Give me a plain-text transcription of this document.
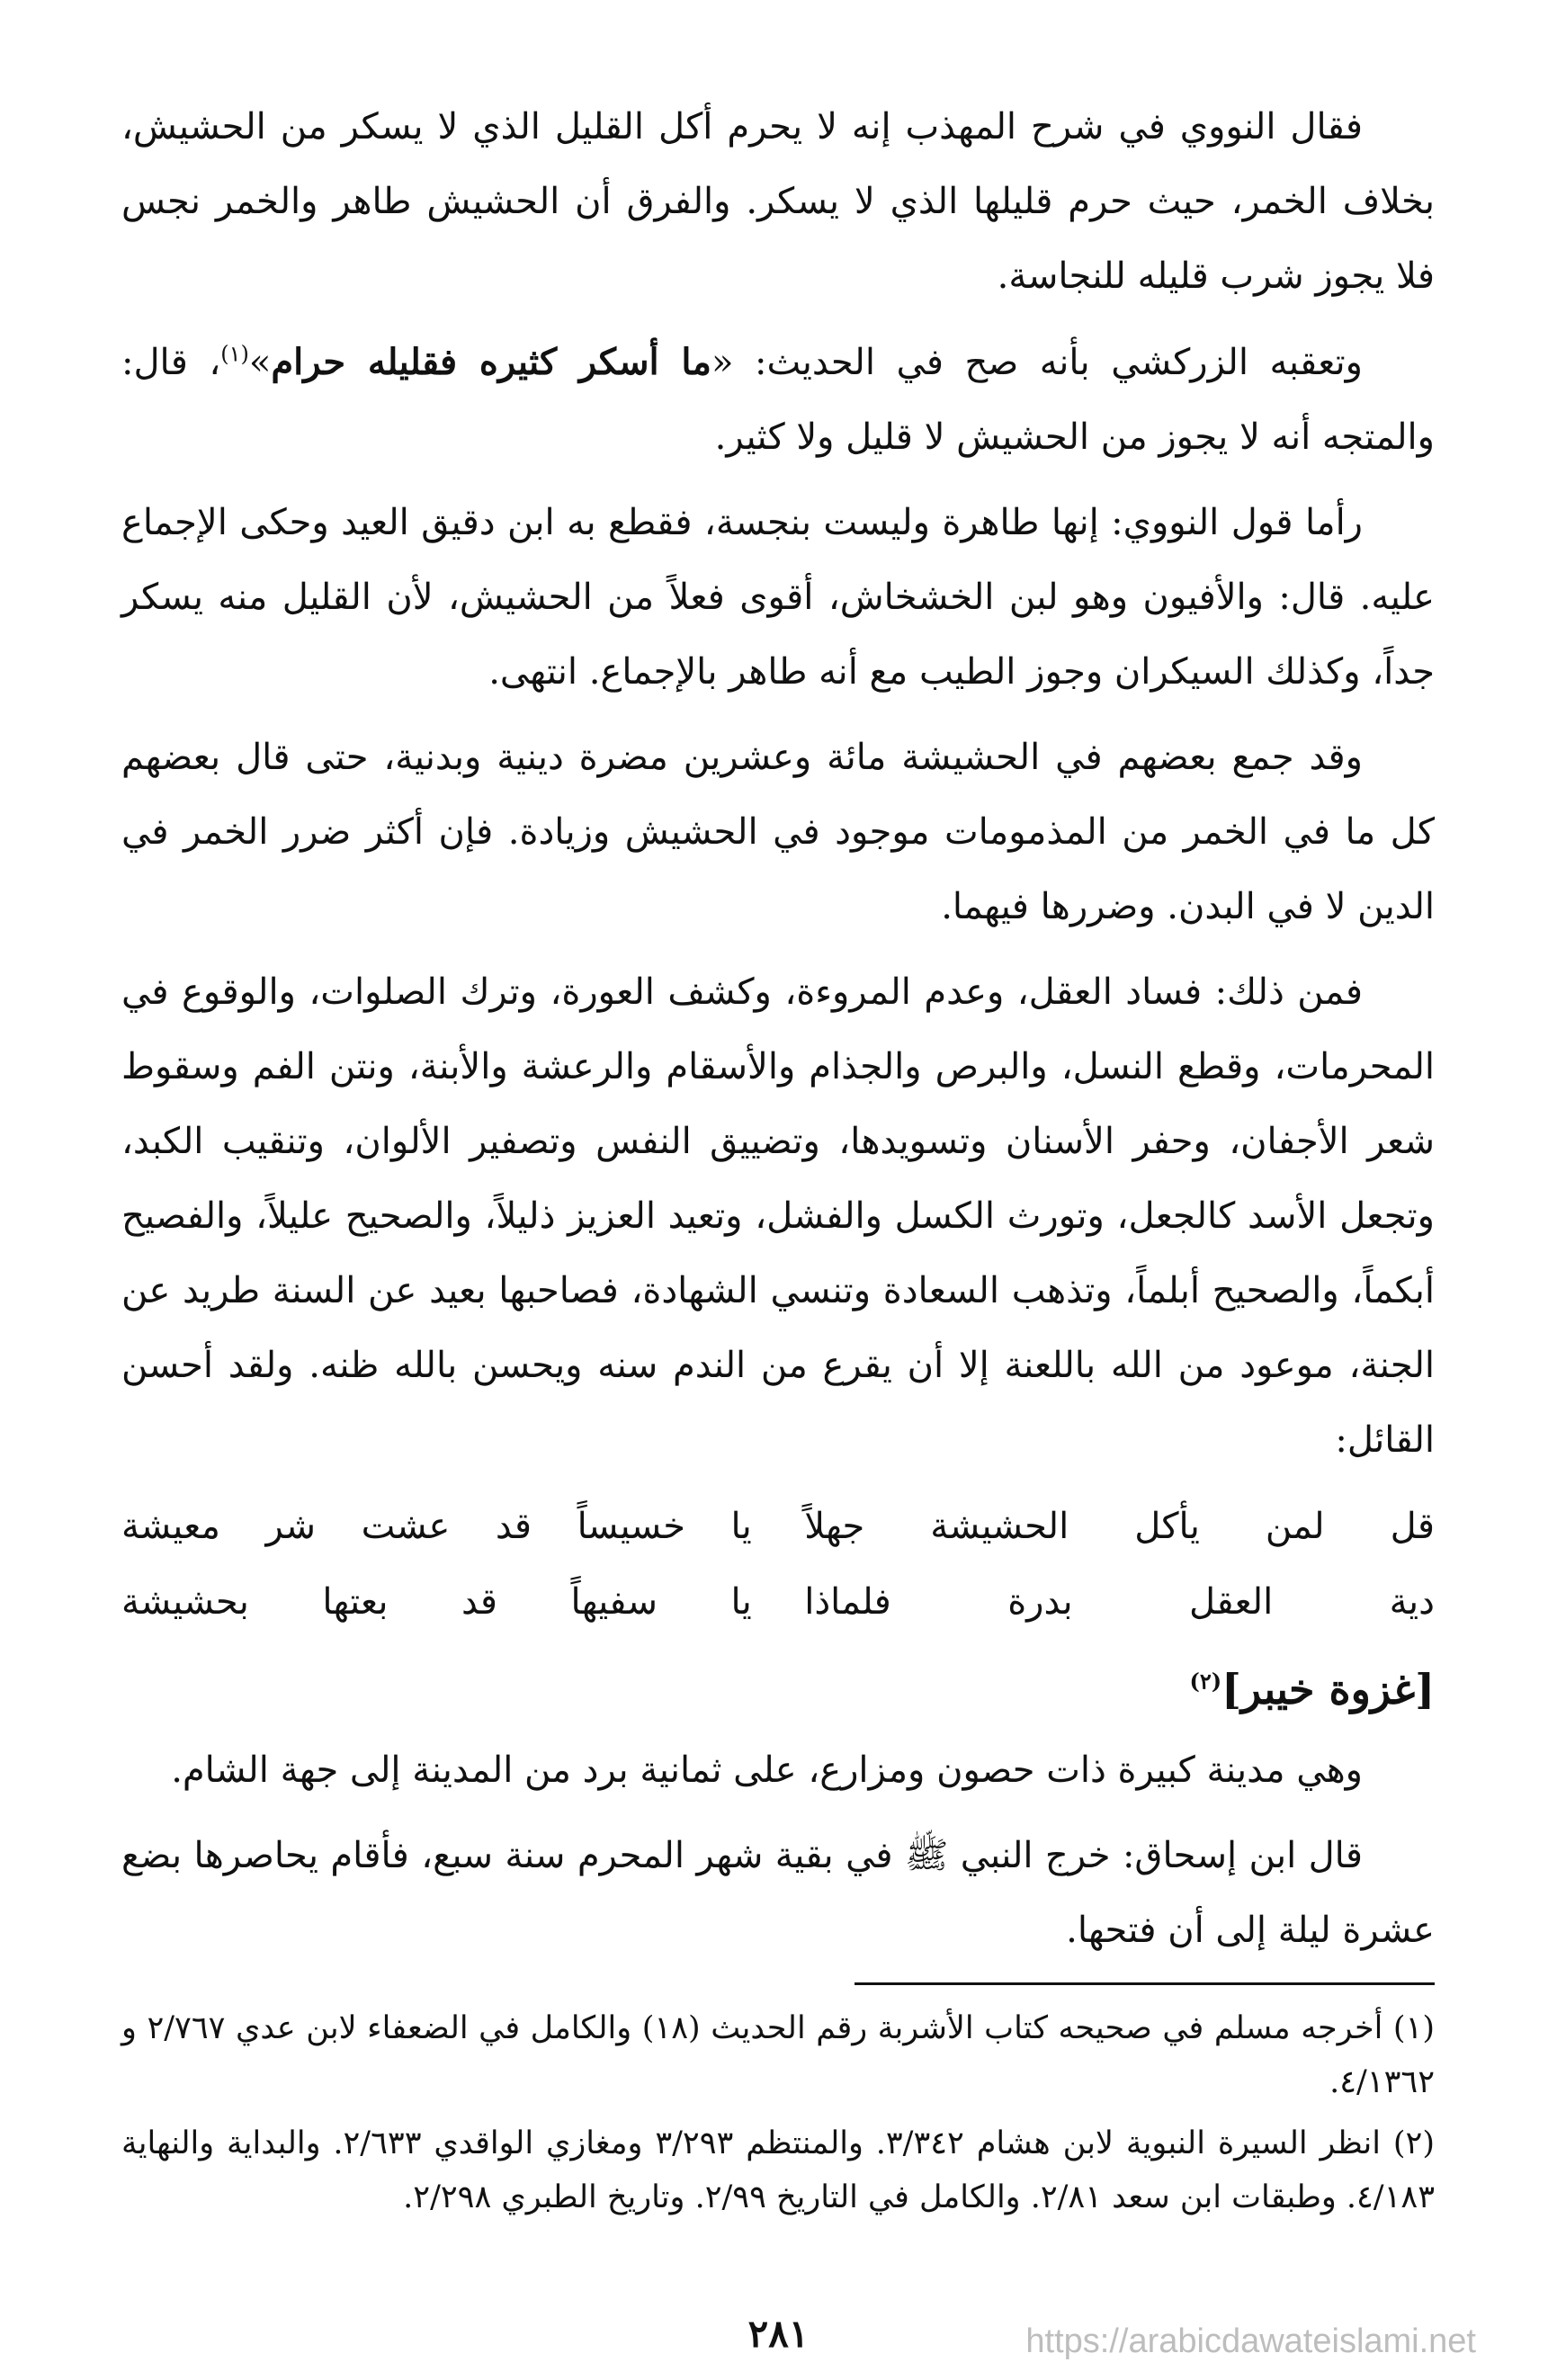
فقال النووي في شرح المهذب إنه لا يحرم أكل القليل الذي لا يسكر من الحشيش، بخلاف الخمر، حيث حرم قليلها الذي لا يسكر. والفرق أن الحشيش طاهر والخمر نجس فلا يجوز شرب قليله للنجاسة.

وتعقبه الزركشي بأنه صح في الحديث: «ما أسكر كثيره فقليله حرام»$^{(١)}$، قال: والمتجه أنه لا يجوز من الحشيش لا قليل ولا كثير.

رأما قول النووي: إنها طاهرة وليست بنجسة، فقطع به ابن دقيق العيد وحكى الإجماع عليه. قال: والأفيون وهو لبن الخشخاش، أقوى فعلاً من الحشيش، لأن القليل منه يسكر جداً، وكذلك السيكران وجوز الطيب مع أنه طاهر بالإجماع. انتهى.

وقد جمع بعضهم في الحشيشة مائة وعشرين مضرة دينية وبدنية، حتى قال بعضهم كل ما في الخمر من المذمومات موجود في الحشيش وزيادة. فإن أكثر ضرر الخمر في الدين لا في البدن. وضررها فيهما.

فمن ذلك: فساد العقل، وعدم المروءة، وكشف العورة، وترك الصلوات، والوقوع في المحرمات، وقطع النسل، والبرص والجذام والأسقام والرعشة والأبنة، ونتن الفم وسقوط شعر الأجفان، وحفر الأسنان وتسويدها، وتضييق النفس وتصفير الألوان، وتنقيب الكبد، وتجعل الأسد كالجعل، وتورث الكسل والفشل، وتعيد العزيز ذليلاً، والصحيح عليلاً، والفصيح أبكماً، والصحيح أبلماً، وتذهب السعادة وتنسي الشهادة، فصاحبها بعيد عن السنة طريد عن الجنة، موعود من الله باللعنة إلا أن يقرع من الندم سنه ويحسن بالله ظنه. ولقد أحسن القائل:

قل لمن يأكل الحشيشة جهلاً
يا خسيساً قد عشت شر معيشة
دية العقل بدرة فلماذا
يا سفيهاً قد بعتها بحشيشة
[غزوة خيبر]$^{(٢)}$

وهي مدينة كبيرة ذات حصون ومزارع، على ثمانية برد من المدينة إلى جهة الشام.

قال ابن إسحاق: خرج النبي ﷺ في بقية شهر المحرم سنة سبع، فأقام يحاصرها بضع عشرة ليلة إلى أن فتحها.

(١) أخرجه مسلم في صحيحه كتاب الأشربة رقم الحديث (١٨) والكامل في الضعفاء لابن عدي ٢/٧٦٧ و ٤/١٣٦٢.

(٢) انظر السيرة النبوية لابن هشام ٣/٣٤٢. والمنتظم ٣/٢٩٣ ومغازي الواقدي ٢/٦٣٣. والبداية والنهاية ٤/١٨٣. وطبقات ابن سعد ٢/٨١. والكامل في التاريخ ٢/٩٩. وتاريخ الطبري ٢/٢٩٨.

٢٨١	https://arabicdawateislami.net
